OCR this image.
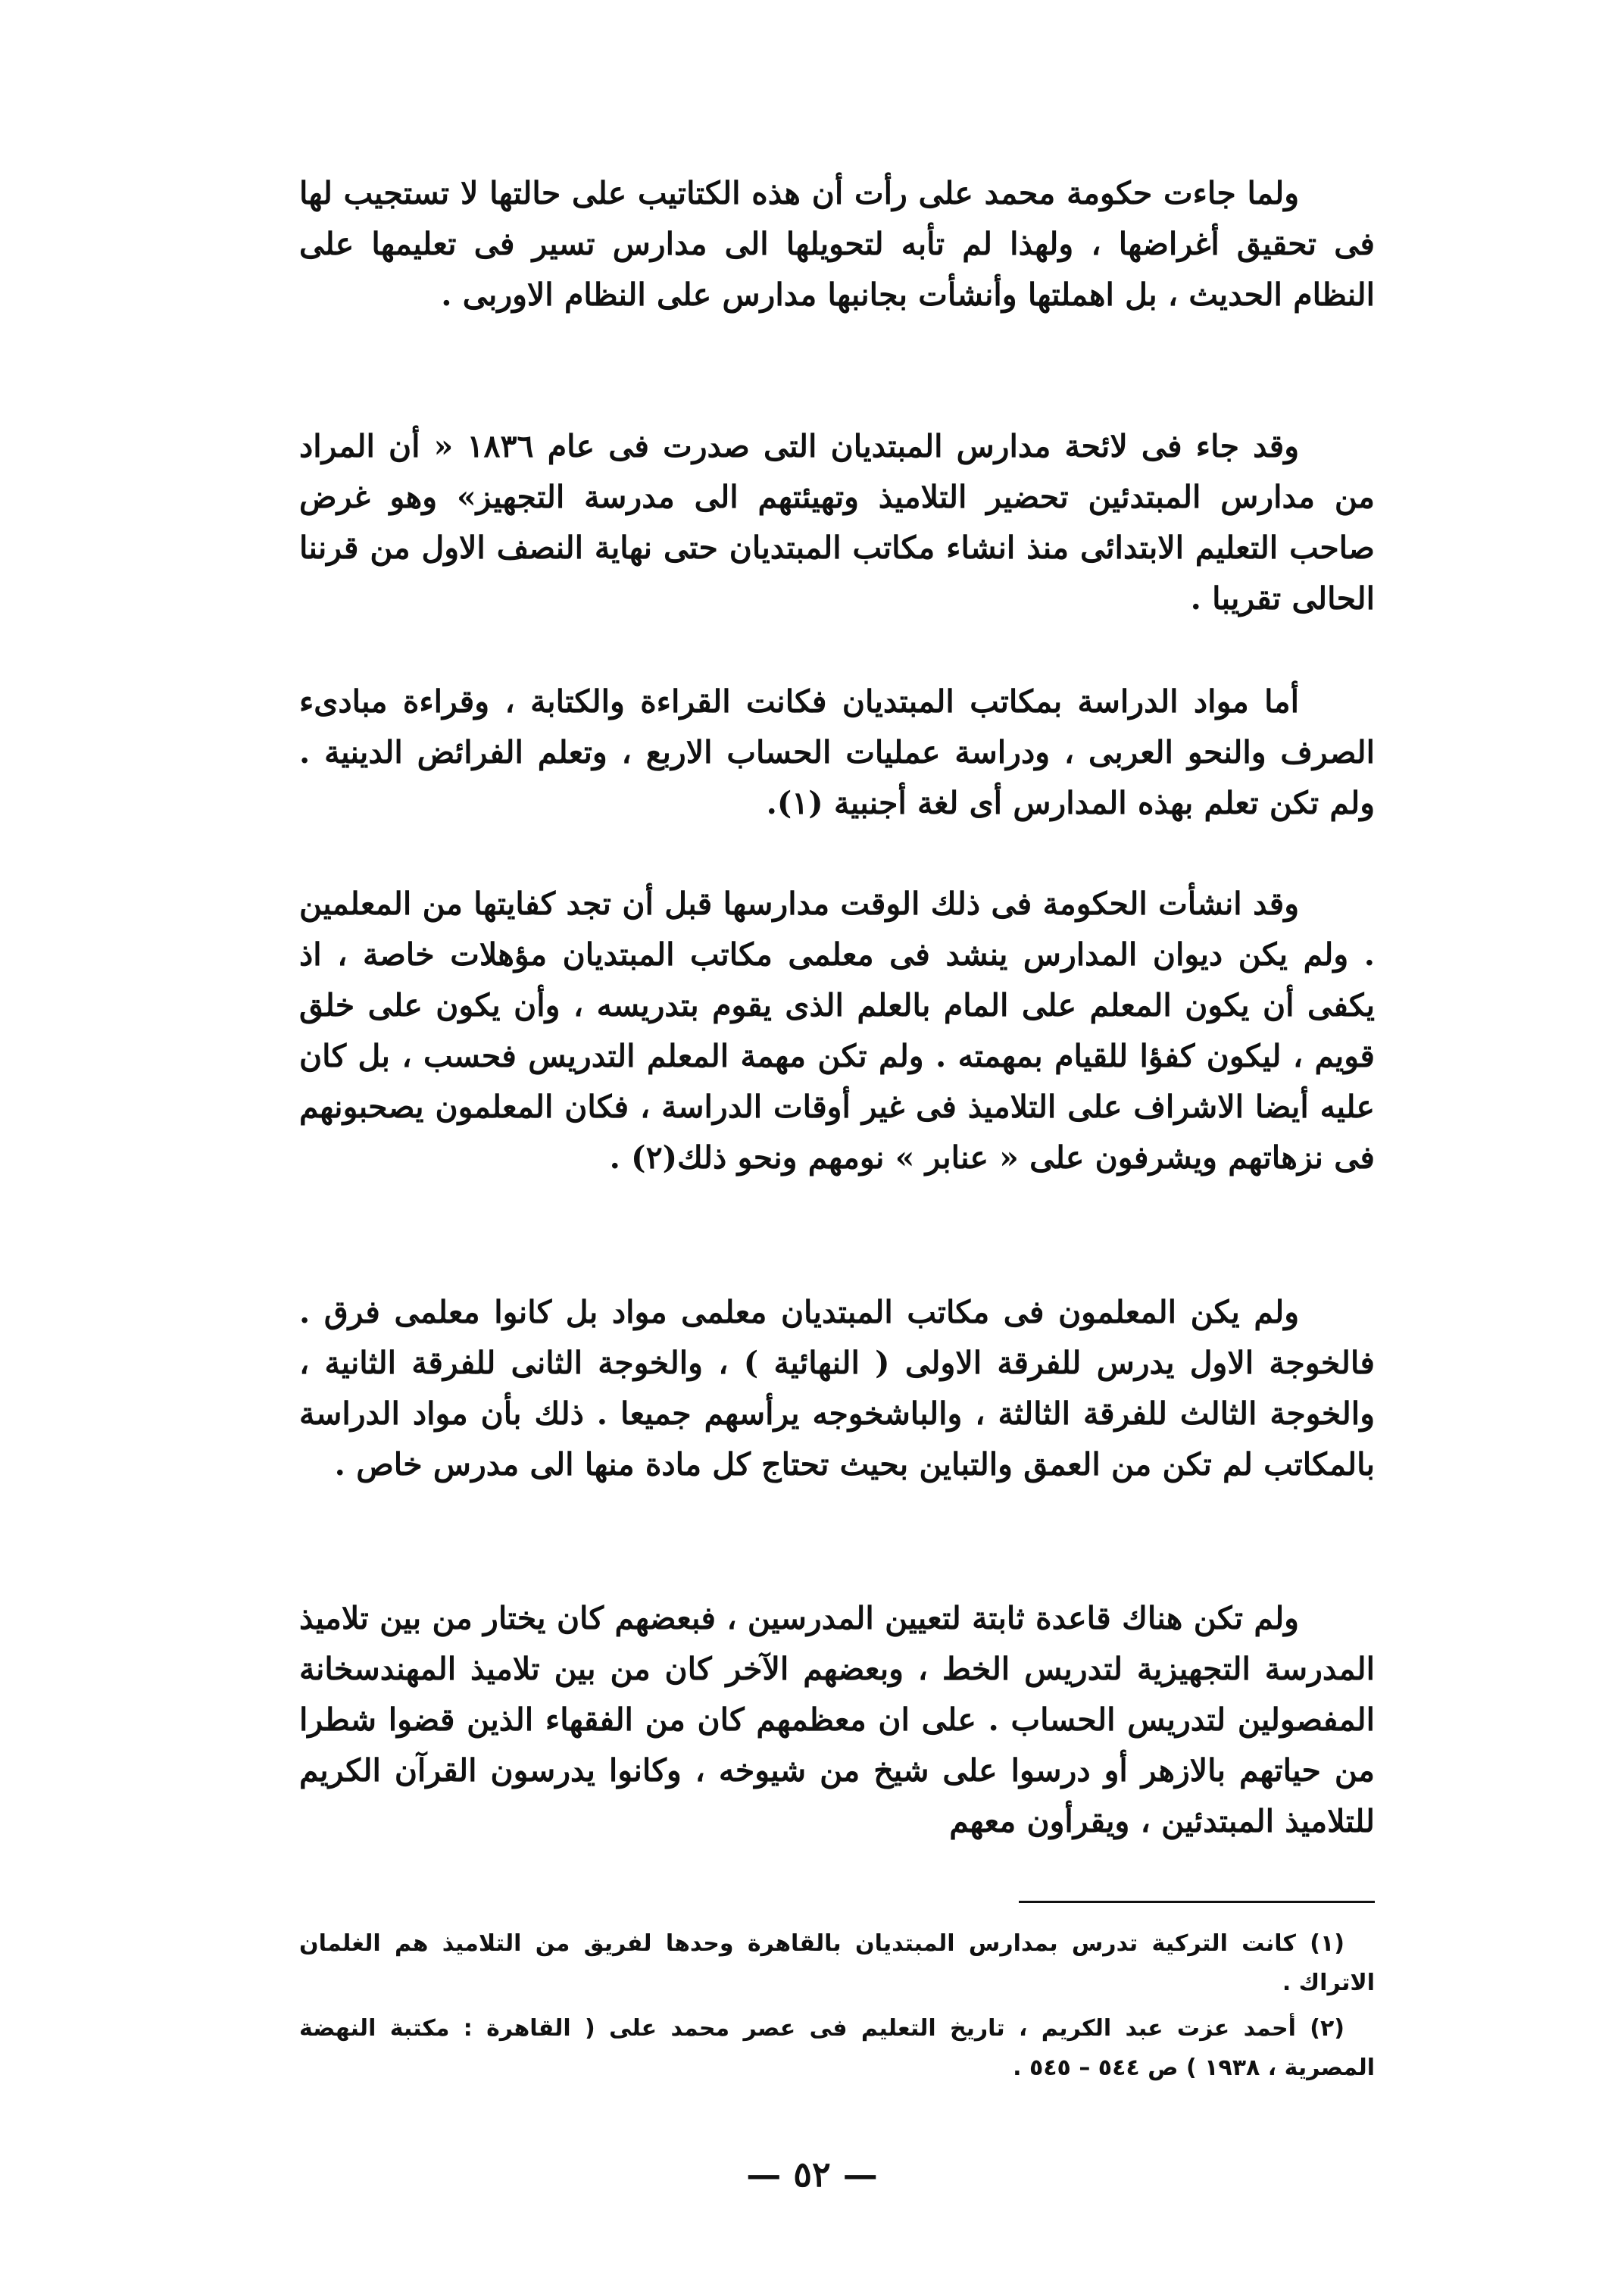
ولما جاءت حكومة محمد على رأت أن هذه الكتاتيب على حالتها لا تستجيب لها فى تحقيق أغراضها ، ولهذا لم تأبه لتحويلها الى مدارس تسير فى تعليمها على النظام الحديث ، بل اهملتها وأنشأت بجانبها مدارس على النظام الاوربى .

وقد جاء فى لائحة مدارس المبتديان التى صدرت فى عام ١٨٣٦ « أن المراد من مدارس المبتدئين تحضير التلاميذ وتهيئتهم الى مدرسة التجهيز» وهو غرض صاحب التعليم الابتدائى منذ انشاء مكاتب المبتديان حتى نهاية النصف الاول من قرننا الحالى تقريبا .

أما مواد الدراسة بمكاتب المبتديان فكانت القراءة والكتابة ، وقراءة مبادىء الصرف والنحو العربى ، ودراسة عمليات الحساب الاربع ، وتعلم الفرائض الدينية . ولم تكن تعلم بهذه المدارس أى لغة أجنبية (١).

وقد انشأت الحكومة فى ذلك الوقت مدارسها قبل أن تجد كفايتها من المعلمين . ولم يكن ديوان المدارس ينشد فى معلمى مكاتب المبتديان مؤهلات خاصة ، اذ يكفى أن يكون المعلم على المام بالعلم الذى يقوم بتدريسه ، وأن يكون على خلق قويم ، ليكون كفؤا للقيام بمهمته . ولم تكن مهمة المعلم التدريس فحسب ، بل كان عليه أيضا الاشراف على التلاميذ فى غير أوقات الدراسة ، فكان المعلمون يصحبونهم فى نزهاتهم ويشرفون على « عنابر » نومهم ونحو ذلك(٢) .

ولم يكن المعلمون فى مكاتب المبتديان معلمى مواد بل كانوا معلمى فرق . فالخوجة الاول يدرس للفرقة الاولى ( النهائية ) ، والخوجة الثانى للفرقة الثانية ، والخوجة الثالث للفرقة الثالثة ، والباشخوجه يرأسهم جميعا . ذلك بأن مواد الدراسة بالمكاتب لم تكن من العمق والتباين بحيث تحتاج كل مادة منها الى مدرس خاص .

ولم تكن هناك قاعدة ثابتة لتعيين المدرسين ، فبعضهم كان يختار من بين تلاميذ المدرسة التجهيزية لتدريس الخط ، وبعضهم الآخر كان من بين تلاميذ المهندسخانة المفصولين لتدريس الحساب . على ان معظمهم كان من الفقهاء الذين قضوا شطرا من حياتهم بالازهر أو درسوا على شيخ من شيوخه ، وكانوا يدرسون القرآن الكريم للتلاميذ المبتدئين ، ويقرأون معهم

(١) كانت التركية تدرس بمدارس المبتديان بالقاهرة وحدها لفريق من التلاميذ هم الغلمان الاتراك .

(٢) أحمد عزت عبد الكريم ، تاريخ التعليم فى عصر محمد على ( القاهرة : مكتبة النهضة المصرية ، ١٩٣٨ ) ص ٥٤٤ – ٥٤٥ .

— ٥٢ —
